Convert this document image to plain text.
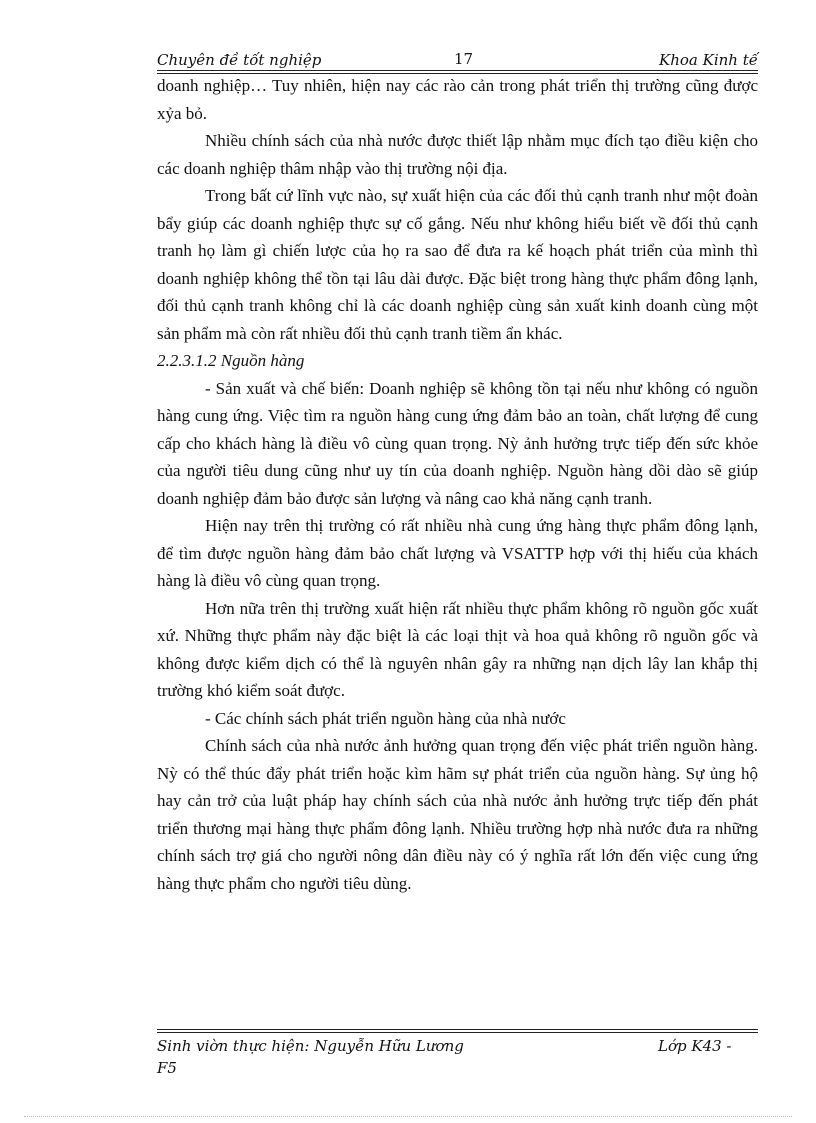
Chuyên đề tốt nghiệp	17	Khoa Kinh tế

doanh nghiệp… Tuy nhiên, hiện nay các rào cản trong phát triển thị trường cũng được xỷa bỏ.

Nhiều chính sách của nhà nước được thiết lập nhằm mục đích tạo điều kiện cho các doanh nghiệp thâm nhập vào thị trường nội địa.

Trong bất cứ lĩnh vực nào, sự xuất hiện của các đối thủ cạnh tranh như một đoàn bẩy giúp các doanh nghiệp thực sự cố gắng. Nếu như không hiểu biết về đối thủ cạnh tranh họ làm gì chiến lược của họ ra sao để đưa ra kế hoạch phát triển của mình thì doanh nghiệp không thể tồn tại lâu dài được. Đặc biệt trong hàng thực phẩm đông lạnh, đối thủ cạnh tranh không chỉ là các doanh nghiệp cùng sản xuất kinh doanh cùng một sản phẩm mà còn rất nhiều đối thủ cạnh tranh tiềm ẩn khác.

2.2.3.1.2 Nguồn hàng

- Sản xuất và chế biến: Doanh nghiệp sẽ không tồn tại nếu như không có nguồn hàng cung ứng. Việc tìm ra nguồn hàng cung ứng đảm bảo an toàn, chất lượng để cung cấp cho khách hàng là điều vô cùng quan trọng. Nỳ ảnh hưởng trực tiếp đến sức khỏe của người tiêu dung cũng như uy tín của doanh nghiệp. Nguồn hàng dồi dào sẽ giúp doanh nghiệp đảm bảo được sản lượng và nâng cao khả năng cạnh tranh.

Hiện nay trên thị trường có rất nhiều nhà cung ứng hàng thực phẩm đông lạnh, để tìm được nguồn hàng đảm bảo chất lượng và VSATTP hợp với thị hiếu của khách hàng là điều vô cùng quan trọng.

Hơn nữa trên thị trường xuất hiện rất nhiều thực phẩm không rõ nguồn gốc xuất xứ. Những thực phẩm này đặc biệt là các loại thịt và hoa quả không rõ nguồn gốc và không được kiểm dịch có thể là nguyên nhân gây ra những nạn dịch lây lan khắp thị trường khó kiểm soát được.

- Các chính sách phát triển nguồn hàng của nhà nước

Chính sách của nhà nước ảnh hưởng quan trọng đến việc phát triển nguồn hàng. Nỳ có thể thúc đẩy phát triển hoặc kìm hãm sự phát triển của nguồn hàng. Sự ủng hộ hay cản trở của luật pháp hay chính sách của nhà nước ảnh hưởng trực tiếp đến phát triển thương mại hàng thực phẩm đông lạnh. Nhiều trường hợp nhà nước đưa ra những chính sách trợ giá cho người nông dân điều này có ý nghĩa rất lớn đến việc cung ứng hàng thực phẩm cho người tiêu dùng.

Sinh viờn thực hiện: Nguyễn Hữu Lương	Lớp K43 -
F5
